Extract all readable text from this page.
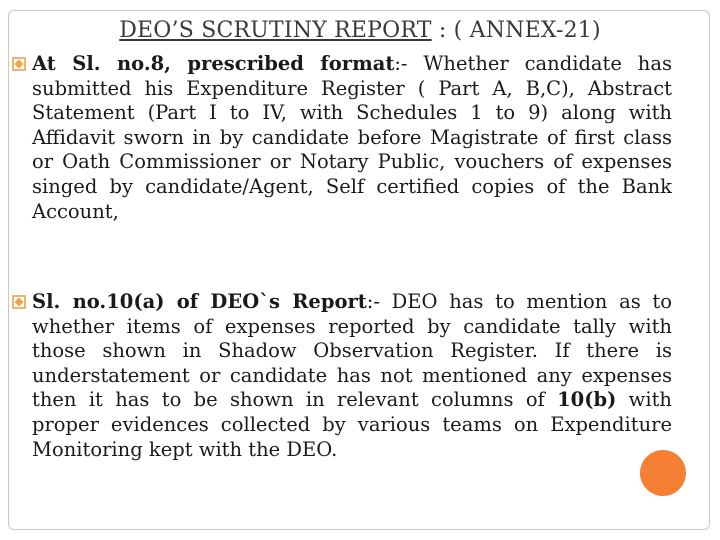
DEO’S SCRUTINY REPORT : ( ANNEX-21)
At Sl. no.8, prescribed format:- Whether candidate has submitted his Expenditure Register ( Part A, B,C), Abstract Statement (Part I to IV, with Schedules 1 to 9) along with Affidavit sworn in by candidate before Magistrate of first class or Oath Commissioner or Notary Public, vouchers of expenses singed by candidate/Agent, Self certified copies of the Bank Account,
Sl. no.10(a) of DEO`s Report:- DEO has to mention as to whether items of expenses reported by candidate tally with those shown in Shadow Observation Register. If there is understatement or candidate has not mentioned any expenses then it has to be shown in relevant columns of 10(b) with proper evidences collected by various teams on Expenditure Monitoring kept with the DEO.
